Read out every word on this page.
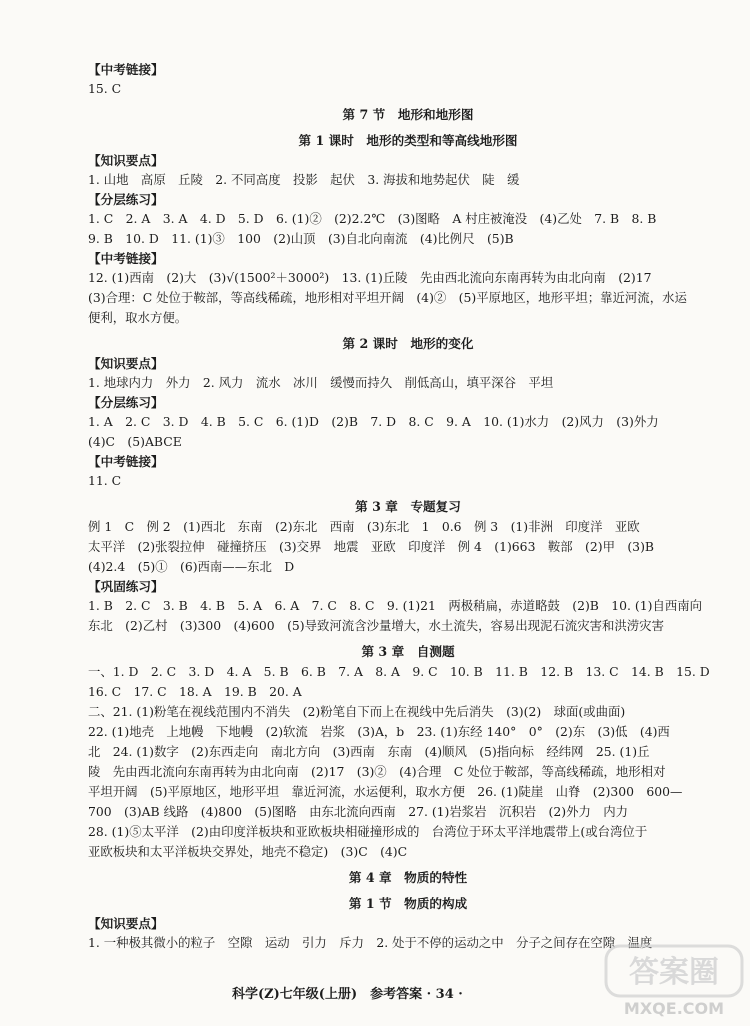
【中考链接】
15. C
第 7 节　地形和地形图
第 1 课时　地形的类型和等高线地形图
【知识要点】
1. 山地　高原　丘陵　2. 不同高度　投影　起伏　3. 海拔和地势起伏　陡　缓
【分层练习】
1. C　2. A　3. A　4. D　5. D　6. (1)②　(2)2.2℃　(3)图略　A 村庄被淹没　(4)乙处　7. B　8. B
9. B　10. D　11. (1)③　100　(2)山顶　(3)自北向南流　(4)比例尺　(5)B
【中考链接】
12. (1)西南　(2)大　(3)√(1500²＋3000²)　13. (1)丘陵　先由西北流向东南再转为由北向南　(2)17
(3)合理：C 处位于鞍部，等高线稀疏，地形相对平坦开阔　(4)②　(5)平原地区，地形平坦；靠近河流，水运
便利，取水方便。
第 2 课时　地形的变化
【知识要点】
1. 地球内力　外力　2. 风力　流水　冰川　缓慢而持久　削低高山，填平深谷　平坦
【分层练习】
1. A　2. C　3. D　4. B　5. C　6. (1)D　(2)B　7. D　8. C　9. A　10. (1)水力　(2)风力　(3)外力
(4)C　(5)ABCE
【中考链接】
11. C
第 3 章　专题复习
例 1　C　例 2　(1)西北　东南　(2)东北　西南　(3)东北　1　0.6　例 3　(1)非洲　印度洋　亚欧
太平洋　(2)张裂拉伸　碰撞挤压　(3)交界　地震　亚欧　印度洋　例 4　(1)663　鞍部　(2)甲　(3)B
(4)2.4　(5)①　(6)西南——东北　D
【巩固练习】
1. B　2. C　3. B　4. B　5. A　6. A　7. C　8. C　9. (1)21　两极稍扁，赤道略鼓　(2)B　10. (1)自西南向
东北　(2)乙村　(3)300　(4)600　(5)导致河流含沙量增大，水土流失，容易出现泥石流灾害和洪涝灾害
第 3 章　自测题
一、1. D　2. C　3. D　4. A　5. B　6. B　7. A　8. A　9. C　10. B　11. B　12. B　13. C　14. B　15. D
16. C　17. C　18. A　19. B　20. A
二、21. (1)粉笔在视线范围内不消失　(2)粉笔自下而上在视线中先后消失　(3)(2)　球面(或曲面)
22. (1)地壳　上地幔　下地幔　(2)软流　岩浆　(3)A，b　23. (1)东经 140°　0°　(2)东　(3)低　(4)西
北　24. (1)数字　(2)东西走向　南北方向　(3)西南　东南　(4)顺风　(5)指向标　经纬网　25. (1)丘
陵　先由西北流向东南再转为由北向南　(2)17　(3)②　(4)合理　C 处位于鞍部，等高线稀疏，地形相对
平坦开阔　(5)平原地区，地形平坦　靠近河流，水运便利，取水方便　26. (1)陡崖　山脊　(2)300　600—
700　(3)AB 线路　(4)800　(5)图略　由东北流向西南　27. (1)岩浆岩　沉积岩　(2)外力　内力
28. (1)⑤太平洋　(2)由印度洋板块和亚欧板块相碰撞形成的　台湾位于环太平洋地震带上(或台湾位于
亚欧板块和太平洋板块交界处，地壳不稳定)　(3)C　(4)C
第 4 章　物质的特性
第 1 节　物质的构成
【知识要点】
1. 一种极其微小的粒子　空隙　运动　引力　斥力　2. 处于不停的运动之中　分子之间存在空隙　温度
科学(Z)七年级(上册)　参考答案 · 34 ·
答案圈
MXQE.COM
